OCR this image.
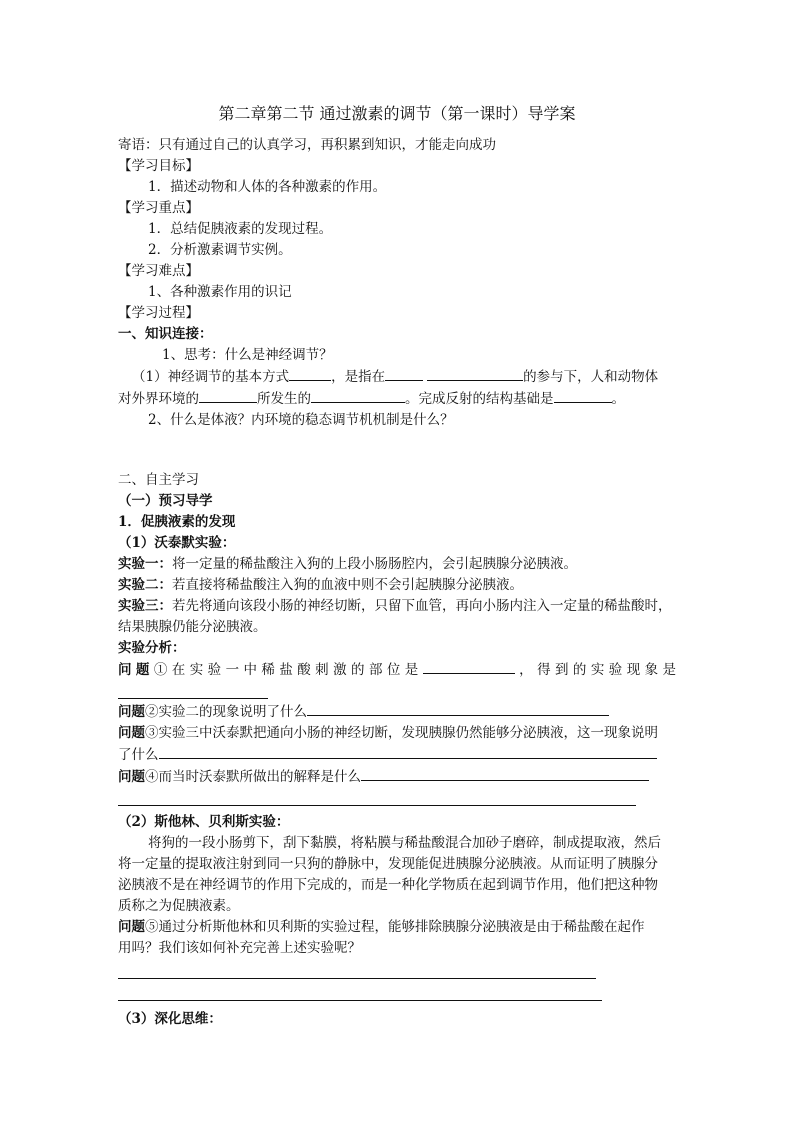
第二章第二节 通过激素的调节（第一课时）导学案

寄语：只有通过自己的认真学习，再积累到知识，才能走向成功

【学习目标】

1．描述动物和人体的各种激素的作用。

【学习重点】

1．总结促胰液素的发现过程。

2．分析激素调节实例。

【学习难点】

1、各种激素作用的识记

【学习过程】

一、知识连接：

1、思考：什么是神经调节？

（1）神经调节的基本方式	，是指在	的参与下，人和动物体

对外界环境的	所发生的	。完成反射的结构基础是	。

2、什么是体液？内环境的稳态调节机机制是什么？

二、自主学习

（一）预习导学

1．促胰液素的发现

（1）沃泰默实验：

实验一：将一定量的稀盐酸注入狗的上段小肠肠腔内，会引起胰腺分泌胰液。

实验二：若直接将稀盐酸注入狗的血液中则不会引起胰腺分泌胰液。

实验三：若先将通向该段小肠的神经切断，只留下血管，再向小肠内注入一定量的稀盐酸时，

结果胰腺仍能分泌胰液。

实验分析：

问题①在实验一中稀盐酸刺激的部位是	，得到的实验现象是

问题②实验二的现象说明了什么

问题③实验三中沃泰默把通向小肠的神经切断，发现胰腺仍然能够分泌胰液，这一现象说明

了什么

问题④而当时沃泰默所做出的解释是什么

（2）斯他林、贝利斯实验：

将狗的一段小肠剪下，刮下黏膜，将粘膜与稀盐酸混合加砂子磨碎，制成提取液，然后

将一定量的提取液注射到同一只狗的静脉中，发现能促进胰腺分泌胰液。从而证明了胰腺分

泌胰液不是在神经调节的作用下完成的，而是一种化学物质在起到调节作用，他们把这种物

质称之为促胰液素。

问题⑤通过分析斯他林和贝利斯的实验过程，能够排除胰腺分泌胰液是由于稀盐酸在起作

用吗？我们该如何补充完善上述实验呢？

（3）深化思维：
